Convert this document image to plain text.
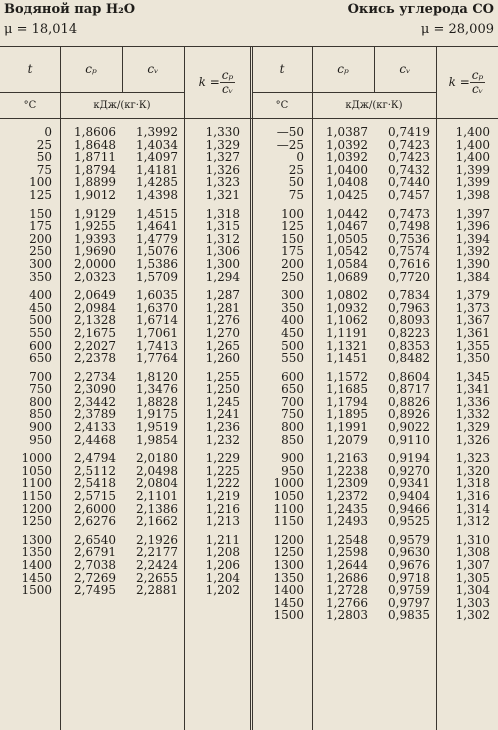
Водяной пар H₂O
μ = 18,014
Окись углерода CO
μ = 28,009
t	cₚ	cᵥ
$k = \frac{\text{cₚ}}{\text{cᵥ}}$
°C	кДж/(кг·К)
t	cₚ	cᵥ
$k = \frac{\text{cₚ}}{\text{cᵥ}}$
°C	кДж/(кг·К)
0	1,8606	1,3992	1,330		—50	1,0387	0,7419	1,400
25	1,8648	1,4034	1,329		—25	1,0392	0,7423	1,400
50	1,8711	1,4097	1,327		0	1,0392	0,7423	1,400
75	1,8794	1,4181	1,326		25	1,0400	0,7432	1,399
100	1,8899	1,4285	1,323		50	1,0408	0,7440	1,399
125	1,9012	1,4398	1,321		75	1,0425	0,7457	1,398

150	1,9129	1,4515	1,318		100	1,0442	0,7473	1,397
175	1,9255	1,4641	1,315		125	1,0467	0,7498	1,396
200	1,9393	1,4779	1,312		150	1,0505	0,7536	1,394
250	1,9690	1,5076	1,306		175	1,0542	0,7574	1,392
300	2,0000	1,5386	1,300		200	1,0584	0,7616	1,390
350	2,0323	1,5709	1,294		250	1,0689	0,7720	1,384

400	2,0649	1,6035	1,287		300	1,0802	0,7834	1,379
450	2,0984	1,6370	1,281		350	1,0932	0,7963	1,373
500	2,1328	1,6714	1,276		400	1,1062	0,8093	1,367
550	2,1675	1,7061	1,270		450	1,1191	0,8223	1,361
600	2,2027	1,7413	1,265		500	1,1321	0,8353	1,355
650	2,2378	1,7764	1,260		550	1,1451	0,8482	1,350

700	2,2734	1,8120	1,255		600	1,1572	0,8604	1,345
750	2,3090	1,3476	1,250		650	1,1685	0,8717	1,341
800	2,3442	1,8828	1,245		700	1,1794	0,8826	1,336
850	2,3789	1,9175	1,241		750	1,1895	0,8926	1,332
900	2,4133	1,9519	1,236		800	1,1991	0,9022	1,329
950	2,4468	1,9854	1,232		850	1,2079	0,9110	1,326

1000	2,4794	2,0180	1,229		900	1,2163	0,9194	1,323
1050	2,5112	2,0498	1,225		950	1,2238	0,9270	1,320
1100	2,5418	2,0804	1,222		1000	1,2309	0,9341	1,318
1150	2,5715	2,1101	1,219		1050	1,2372	0,9404	1,316
1200	2,6000	2,1386	1,216		1100	1,2435	0,9466	1,314
1250	2,6276	2,1662	1,213		1150	1,2493	0,9525	1,312

1300	2,6540	2,1926	1,211		1200	1,2548	0,9579	1,310
1350	2,6791	2,2177	1,208		1250	1,2598	0,9630	1,308
1400	2,7038	2,2424	1,206		1300	1,2644	0,9676	1,307
1450	2,7269	2,2655	1,204		1350	1,2686	0,9718	1,305
1500	2,7495	2,2881	1,202		1400	1,2728	0,9759	1,304
					1450	1,2766	0,9797	1,303
					1500	1,2803	0,9835	1,302
